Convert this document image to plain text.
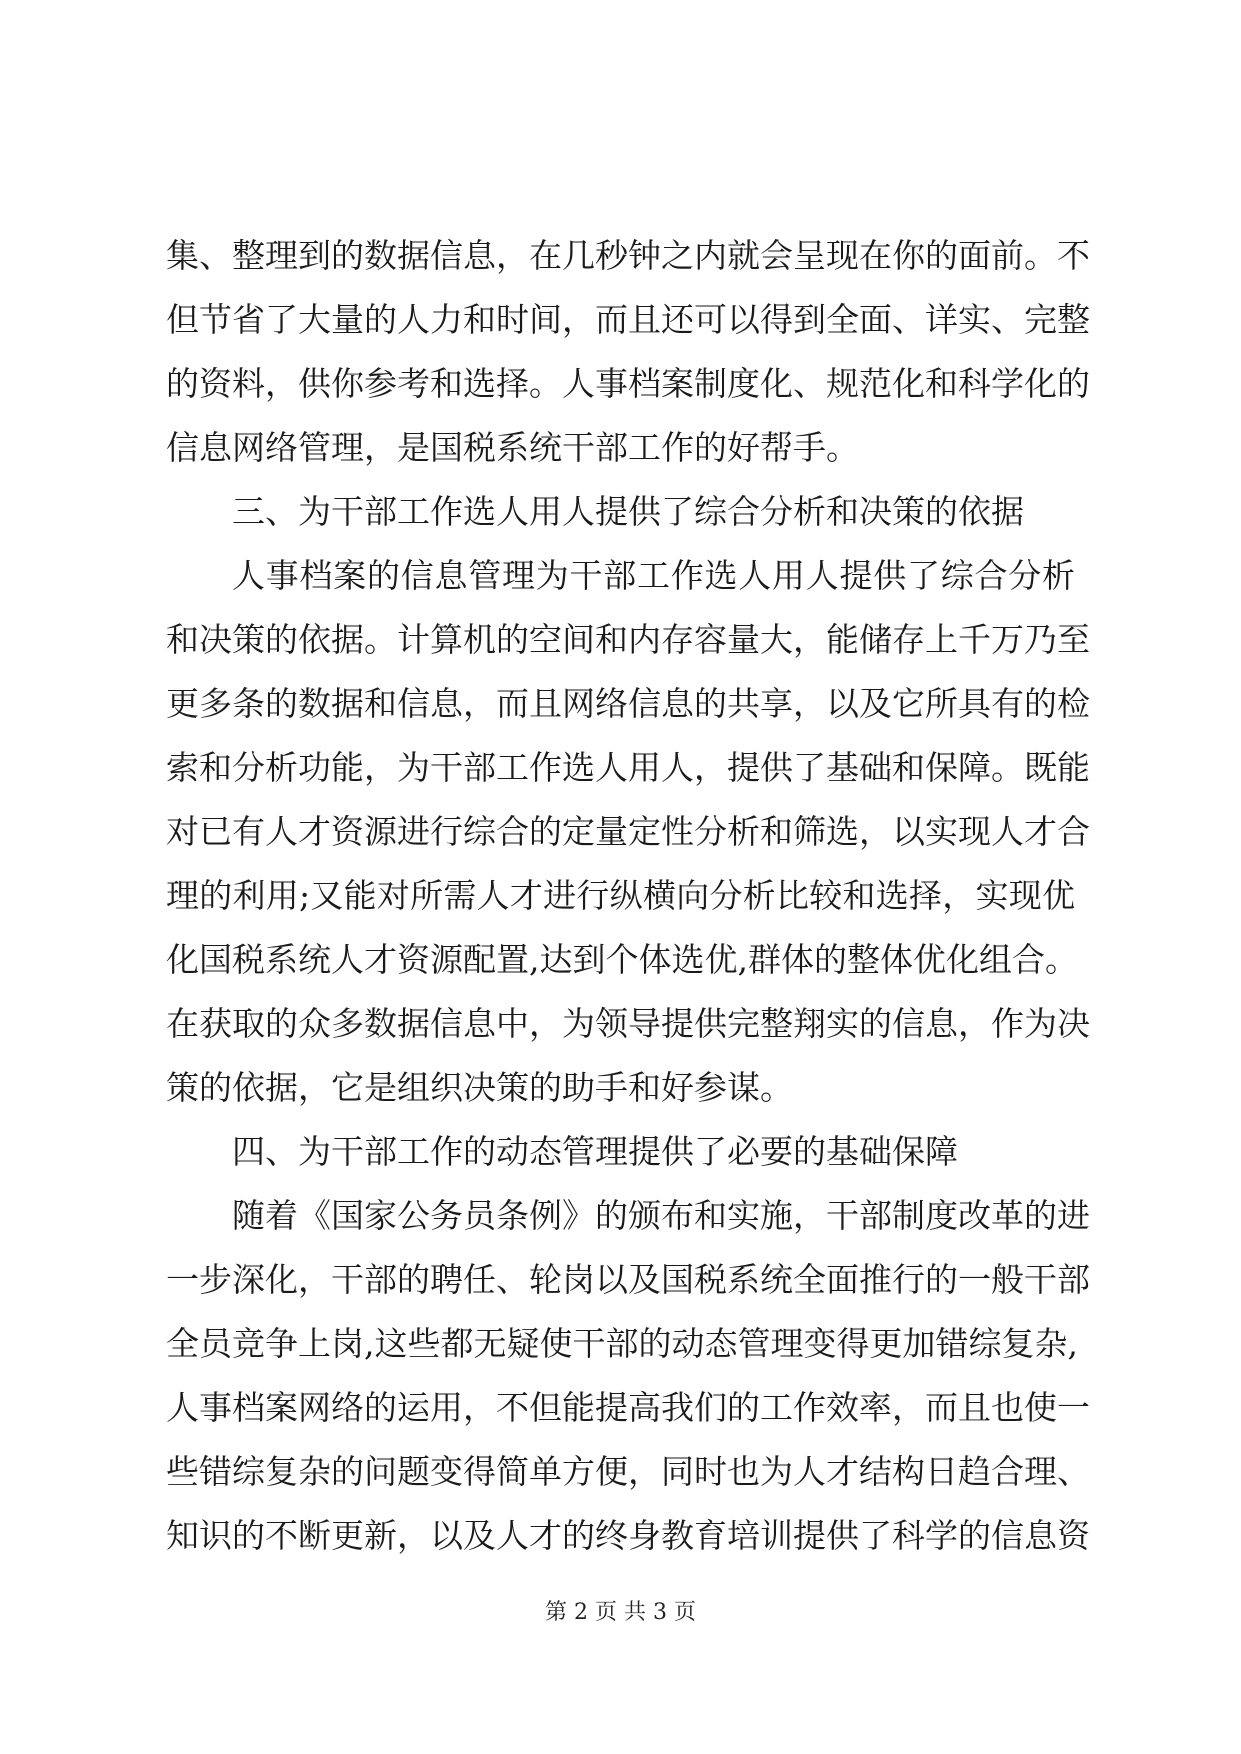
集、整理到的数据信息，在几秒钟之内就会呈现在你的面前。不
但节省了大量的人力和时间，而且还可以得到全面、详实、完整
的资料，供你参考和选择。人事档案制度化、规范化和科学化的
信息网络管理，是国税系统干部工作的好帮手。
三、为干部工作选人用人提供了综合分析和决策的依据
人事档案的信息管理为干部工作选人用人提供了综合分析
和决策的依据。计算机的空间和内存容量大，能储存上千万乃至
更多条的数据和信息，而且网络信息的共享，以及它所具有的检
索和分析功能，为干部工作选人用人，提供了基础和保障。既能
对已有人才资源进行综合的定量定性分析和筛选，以实现人才合
理的利用;又能对所需人才进行纵横向分析比较和选择，实现优
化国税系统人才资源配置,达到个体选优,群体的整体优化组合。
在获取的众多数据信息中，为领导提供完整翔实的信息，作为决
策的依据，它是组织决策的助手和好参谋。
四、为干部工作的动态管理提供了必要的基础保障
随着《国家公务员条例》的颁布和实施，干部制度改革的进
一步深化，干部的聘任、轮岗以及国税系统全面推行的一般干部
全员竞争上岗,这些都无疑使干部的动态管理变得更加错综复杂,
人事档案网络的运用，不但能提高我们的工作效率，而且也使一
些错综复杂的问题变得简单方便，同时也为人才结构日趋合理、
知识的不断更新，以及人才的终身教育培训提供了科学的信息资
第 2 页 共 3 页
